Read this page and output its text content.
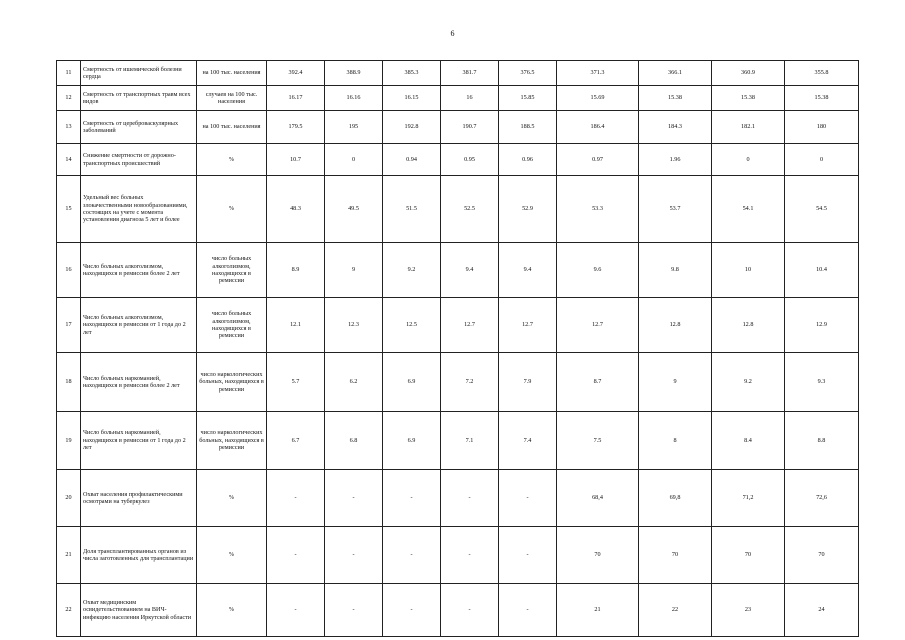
6
11	Смертность от ишемической болезни сердца	на 100 тыс. населения	392.4	388.9	385.3	381.7	376.5	371.3	366.1	360.9	355.8
12	Смертность от транспортных травм всех видов	случаев на 100 тыс. населения	16.17	16.16	16.15	16	15.85	15.69	15.38	15.38	15.38
13	Смертность от цереброваскулярных заболеваний	на 100 тыс. населения	179.5	195	192.8	190.7	188.5	186.4	184.3	182.1	180
14	Снижение смертности от дорожно-транспортных происшествий	%	10.7	0	0.94	0.95	0.96	0.97	1.96	0	0
15	Удельный вес больных злокачественными новообразованиями, состоящих на учете с момента установления диагноза 5 лет и более	%	48.3	49.5	51.5	52.5	52.9	53.3	53.7	54.1	54.5
16	Число больных алкоголизмом, находящихся в ремиссии более 2 лет	число больных алкоголизмом, находящихся в ремиссии	8.9	9	9.2	9.4	9.4	9.6	9.8	10	10.4
17	Число больных алкоголизмом, находящихся в ремиссии от 1 года до 2 лет	число больных алкоголизмом, находящихся в ремиссии	12.1	12.3	12.5	12.7	12.7	12.7	12.8	12.8	12.9
18	Число больных наркоманией, находящихся в ремиссии более 2 лет	число наркологических больных, находящихся в ремиссии	5.7	6.2	6.9	7.2	7.9	8.7	9	9.2	9.3
19	Число больных наркоманией, находящихся в ремиссии от 1 года до 2 лет	число наркологических больных, находящихся в ремиссии	6.7	6.8	6.9	7.1	7.4	7.5	8	8.4	8.8
20	Охват населения профилактическими осмотрами на туберкулез	%	-	-	-	-	-	68,4	69,8	71,2	72,6
21	Доля трансплантированных органов из числа заготовленных для трансплантации	%	-	-	-	-	-	70	70	70	70
22	Охват медицинским освидетельствованием на ВИЧ-инфекцию населения Иркутской области	%	-	-	-	-	-	21	22	23	24
